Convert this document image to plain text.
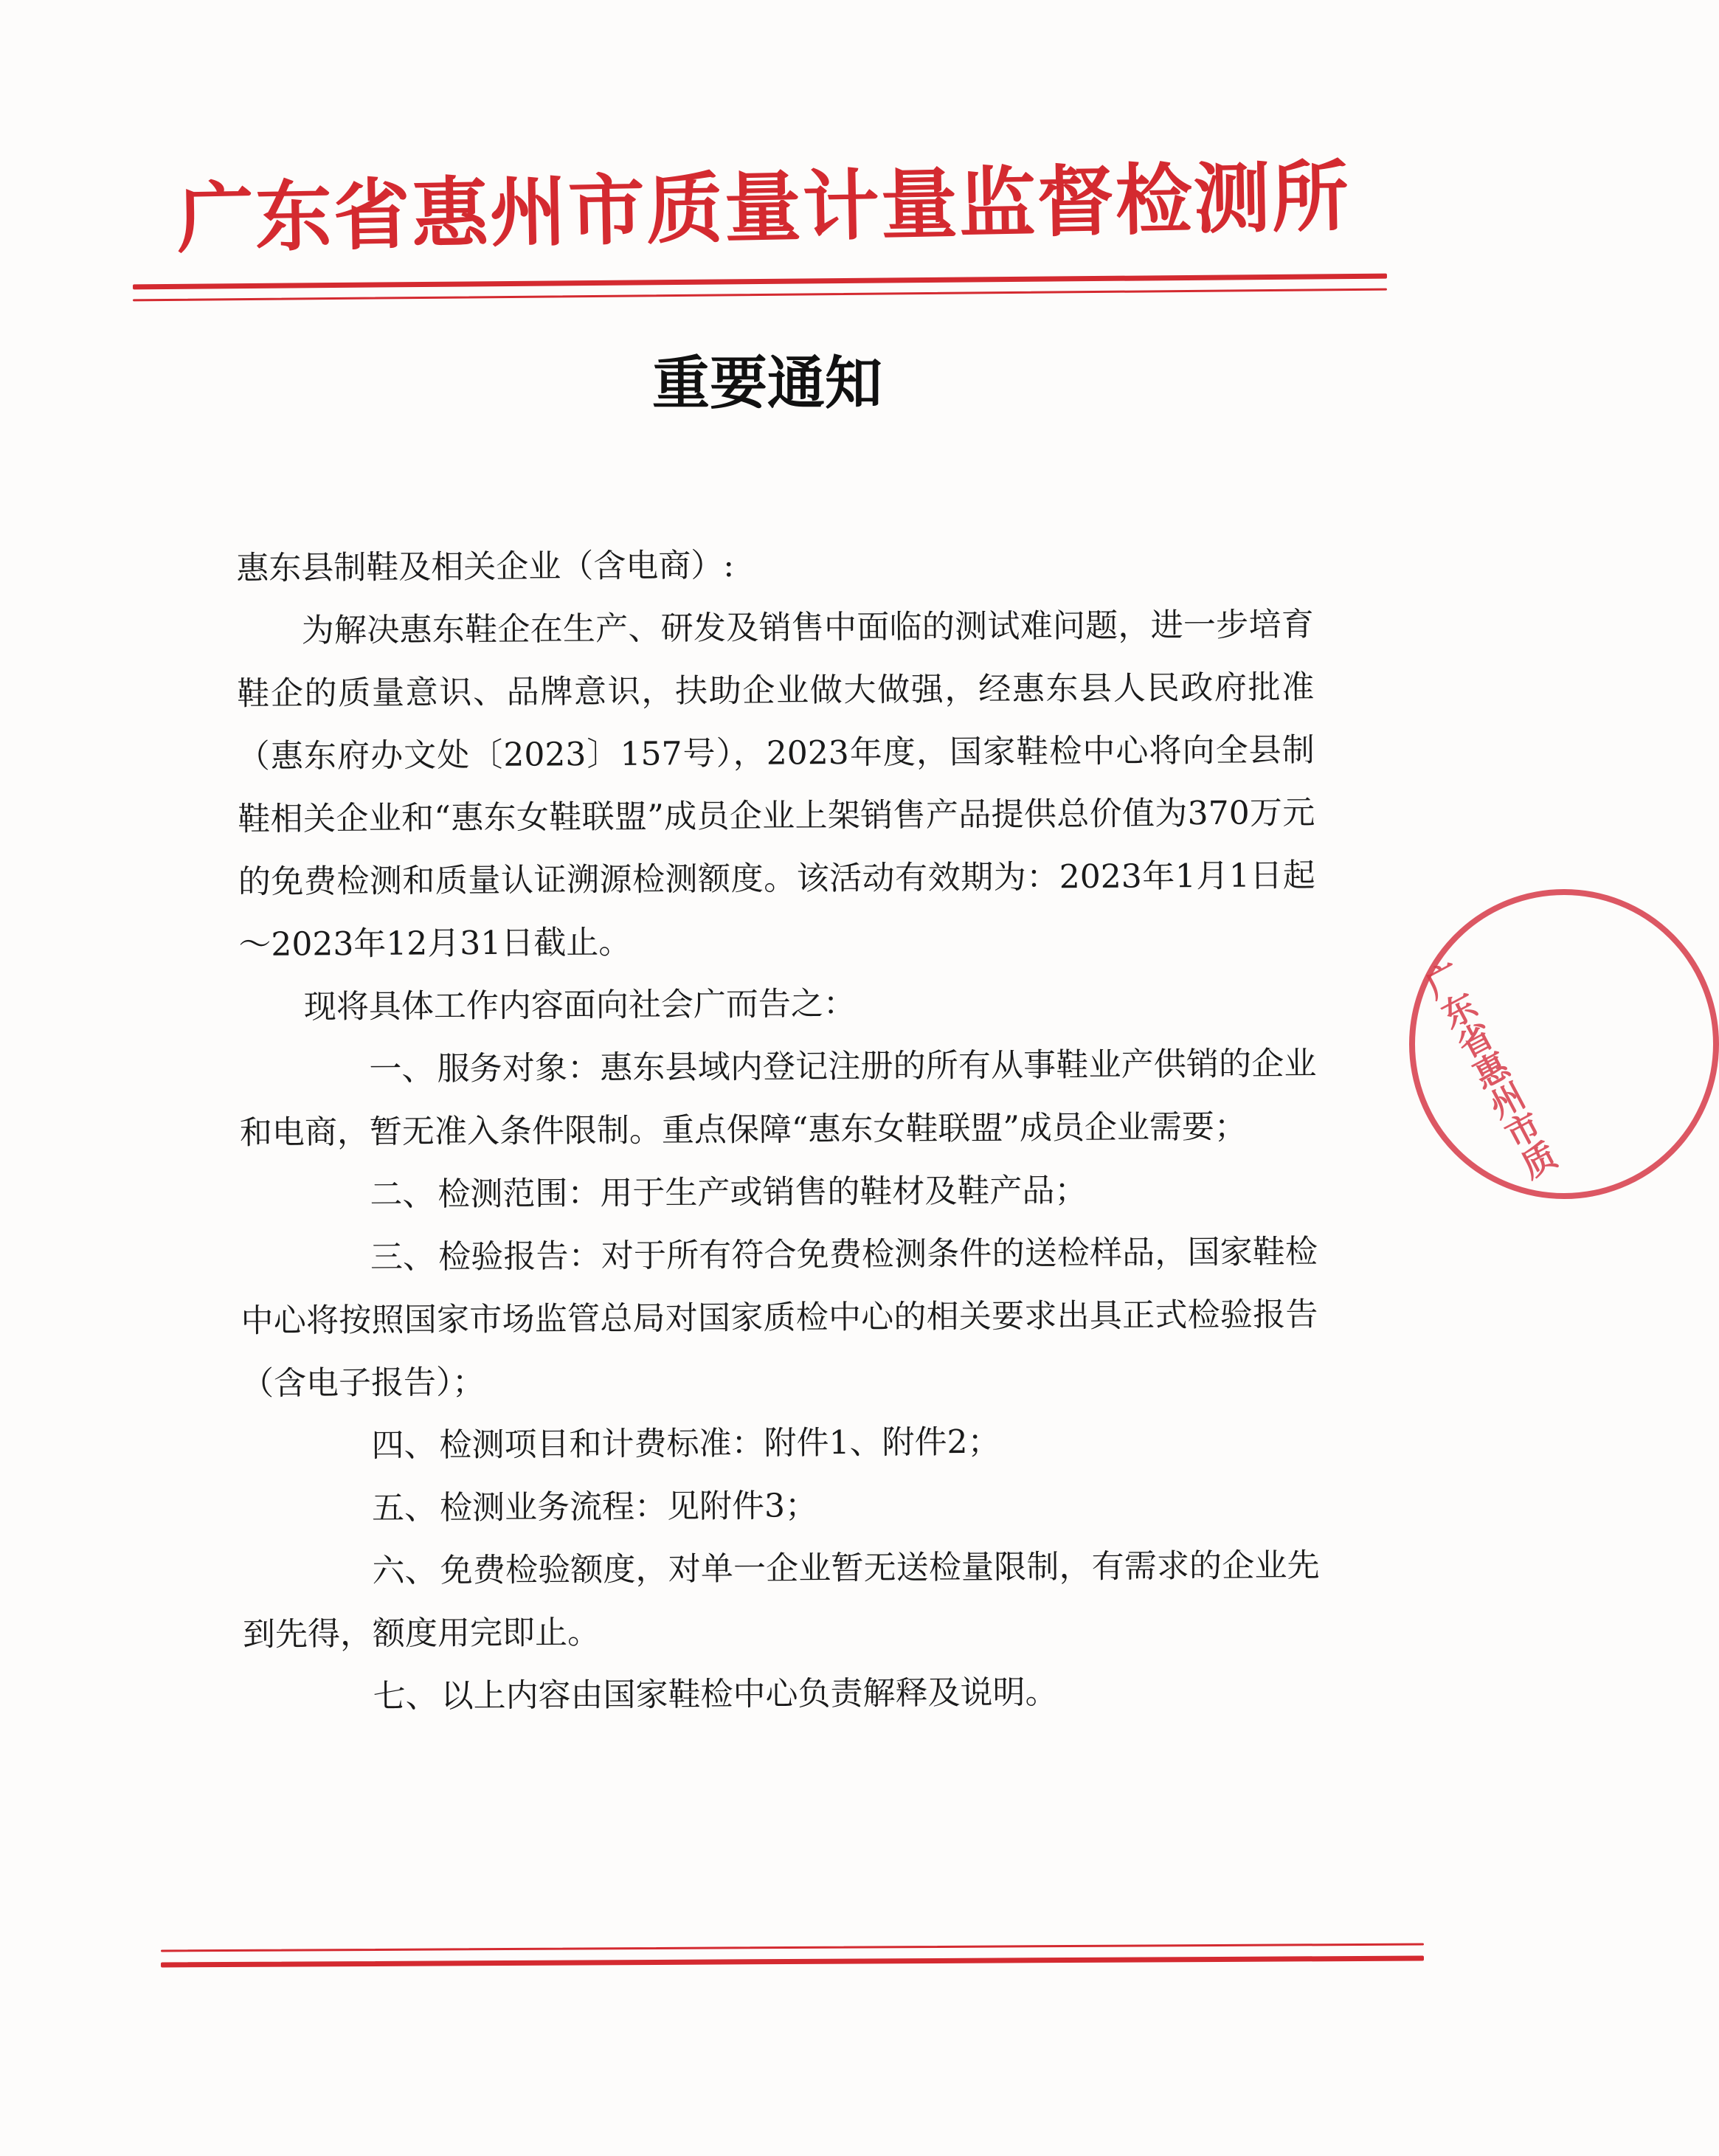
广东省惠州市质量计量监督检测所
重要通知

惠东县制鞋及相关企业（含电商）:

为解决惠东鞋企在生产、研发及销售中面临的测试难问题，进一步培育鞋企的质量意识、品牌意识，扶助企业做大做强，经惠东县人民政府批准（惠东府办文处〔2023〕157号），2023年度，国家鞋检中心将向全县制鞋相关企业和“惠东女鞋联盟”成员企业上架销售产品提供总价值为370万元的免费检测和质量认证溯源检测额度。该活动有效期为：2023年1月1日起～2023年12月31日截止。

现将具体工作内容面向社会广而告之：

一、服务对象：惠东县域内登记注册的所有从事鞋业产供销的企业和电商，暂无准入条件限制。重点保障“惠东女鞋联盟”成员企业需要；

二、检测范围：用于生产或销售的鞋材及鞋产品；

三、检验报告：对于所有符合免费检测条件的送检样品，国家鞋检中心将按照国家市场监管总局对国家质检中心的相关要求出具正式检验报告（含电子报告）；

四、检测项目和计费标准：附件1、附件2；

五、检测业务流程：见附件3；

六、免费检验额度，对单一企业暂无送检量限制，有需求的企业先到先得，额度用完即止。

七、以上内容由国家鞋检中心负责解释及说明。

广东省惠州市质
